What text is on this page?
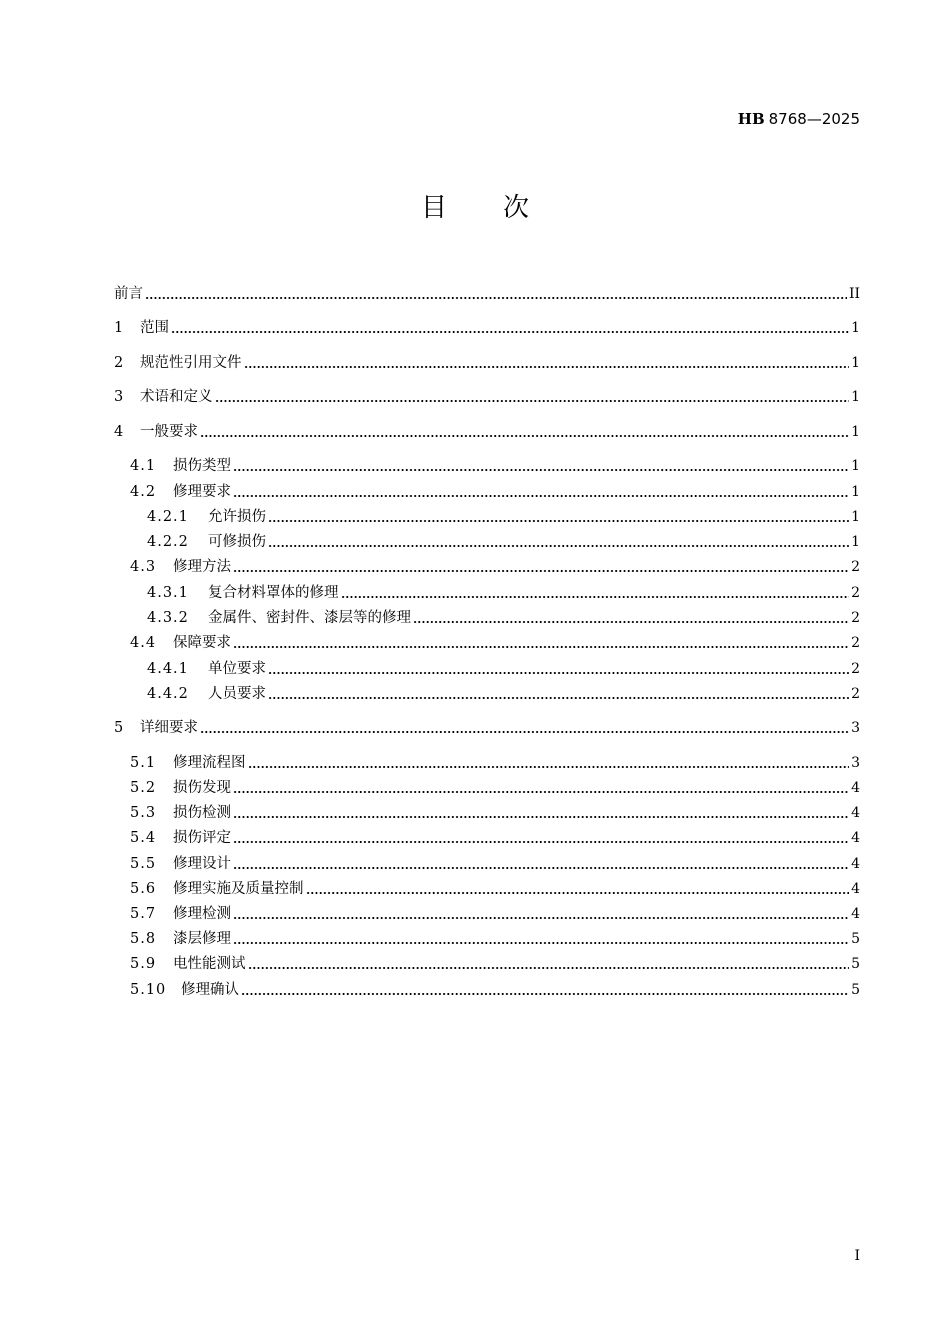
HB 8768—2025
目次
前言	II
1	范围	1
2	规范性引用文件	1
3	术语和定义	1
4	一般要求	1
4.1	损伤类型	1
4.2	修理要求	1
4.2.1	允许损伤	1
4.2.2	可修损伤	1
4.3	修理方法	2
4.3.1	复合材料罩体的修理	2
4.3.2	金属件、密封件、漆层等的修理	2
4.4	保障要求	2
4.4.1	单位要求	2
4.4.2	人员要求	2
5	详细要求	3
5.1	修理流程图	3
5.2	损伤发现	4
5.3	损伤检测	4
5.4	损伤评定	4
5.5	修理设计	4
5.6	修理实施及质量控制	4
5.7	修理检测	4
5.8	漆层修理	5
5.9	电性能测试	5
5.10	修理确认	5
I
